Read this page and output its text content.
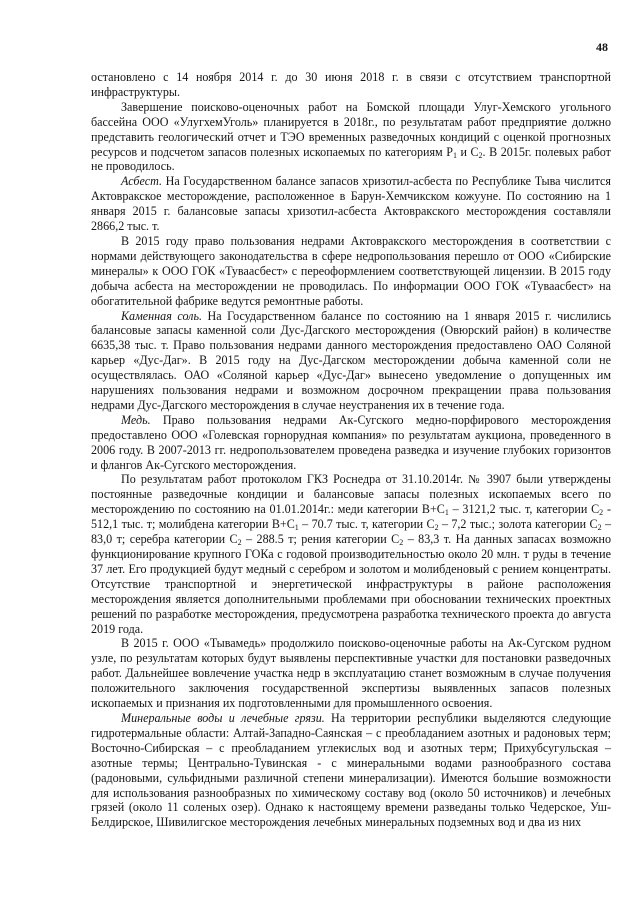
48

остановлено с 14 ноября 2014 г. до 30 июня 2018 г. в связи с отсутствием транспортной инфраструктуры.

Завершение поисково-оценочных работ на Бомской площади Улуг-Хемского угольного бассейна ООО «УлугхемУголь» планируется в 2018г., по результатам работ предприятие должно представить геологический отчет и ТЭО временных разведочных кондиций с оценкой прогнозных ресурсов и подсчетом запасов полезных ископаемых по категориям $Р_1$ и $С_2$. В 2015г. полевых работ не проводилось.

Асбест. На Государственном балансе запасов хризотил-асбеста по Республике Тыва числится Актовракское месторождение, расположенное в Барун-Хемчикском кожууне. По состоянию на 1 января 2015 г. балансовые запасы хризотил-асбеста Актовракского месторождения составляли 2866,2 тыс. т.

В 2015 году право пользования недрами Актовракского месторождения в соответствии с нормами действующего законодательства в сфере недропользования перешло от ООО «Сибирские минералы» к ООО ГОК «Туваасбест» с переоформлением соответствующей лицензии. В 2015 году добыча асбеста на месторождении не проводилась. По информации ООО ГОК «Туваасбест» на обогатительной фабрике ведутся ремонтные работы.

Каменная соль. На Государственном балансе по состоянию на 1 января 2015 г. числились балансовые запасы каменной соли Дус-Дагского месторождения (Овюрский район) в количестве 6635,38 тыс. т. Право пользования недрами данного месторождения предоставлено ОАО Соляной карьер «Дус-Даг». В 2015 году на Дус-Дагском месторождении добыча каменной соли не осуществлялась. ОАО «Соляной карьер «Дус-Даг» вынесено уведомление о допущенных им нарушениях пользования недрами и возможном досрочном прекращении права пользования недрами Дус-Дагского месторождения в случае неустранения их в течение года.

Медь. Право пользования недрами Ак-Сугского медно-порфирового месторождения предоставлено ООО «Голевская горнорудная компания» по результатам аукциона, проведенного в 2006 году. В 2007-2013 гг. недропользователем проведена разведка и изучение глубоких горизонтов и флангов Ак-Сугского месторождения.

По результатам работ протоколом ГКЗ Роснедра от 31.10.2014г. № 3907 были утверждены постоянные разведочные кондиции и балансовые запасы полезных ископаемых всего по месторождению по состоянию на 01.01.2014г.: меди категории $В+С_1 - 3121,2$ тыс. т, категории $С_2 - 512,1$ тыс. т; молибдена категории $В+С_1 - 70.7$ тыс. т, категории $С_2 - 7,2$ тыс.; золота категории $С_2 - 83,0$ т; серебра категории $С_2 - 288.5$ т; рения категории $С_2 - 83,3$ т. На данных запасах возможно функционирование крупного ГОКа с годовой производительностью около 20 млн. т руды в течение 37 лет. Его продукцией будут медный с серебром и золотом и молибденовый с рением концентраты. Отсутствие транспортной и энергетической инфраструктуры в районе расположения месторождения является дополнительными проблемами при обосновании технических проектных решений по разработке месторождения, предусмотрена разработка технического проекта до августа 2019 года.

В 2015 г. ООО «Тывамедь» продолжило поисково-оценочные работы на Ак-Сугском рудном узле, по результатам которых будут выявлены перспективные участки для постановки разведочных работ. Дальнейшее вовлечение участка недр в эксплуатацию станет возможным в случае получения положительного заключения государственной экспертизы выявленных запасов полезных ископаемых и признания их подготовленными для промышленного освоения.

Минеральные воды и лечебные грязи. На территории республики выделяются следующие гидротермальные области: Алтай-Западно-Саянская – с преобладанием азотных и радоновых терм; Восточно-Сибирская – с преобладанием углекислых вод и азотных терм; Прихубсугульская – азотные термы; Центрально-Тувинская - с минеральными водами разнообразного состава (радоновыми, сульфидными различной степени минерализации). Имеются большие возможности для использования разнообразных по химическому составу вод (около 50 источников) и лечебных грязей (около 11 соленых озер). Однако к настоящему времени разведаны только Чедерское, Уш-Белдирское, Шивилигское месторождения лечебных минеральных подземных вод и два из них
